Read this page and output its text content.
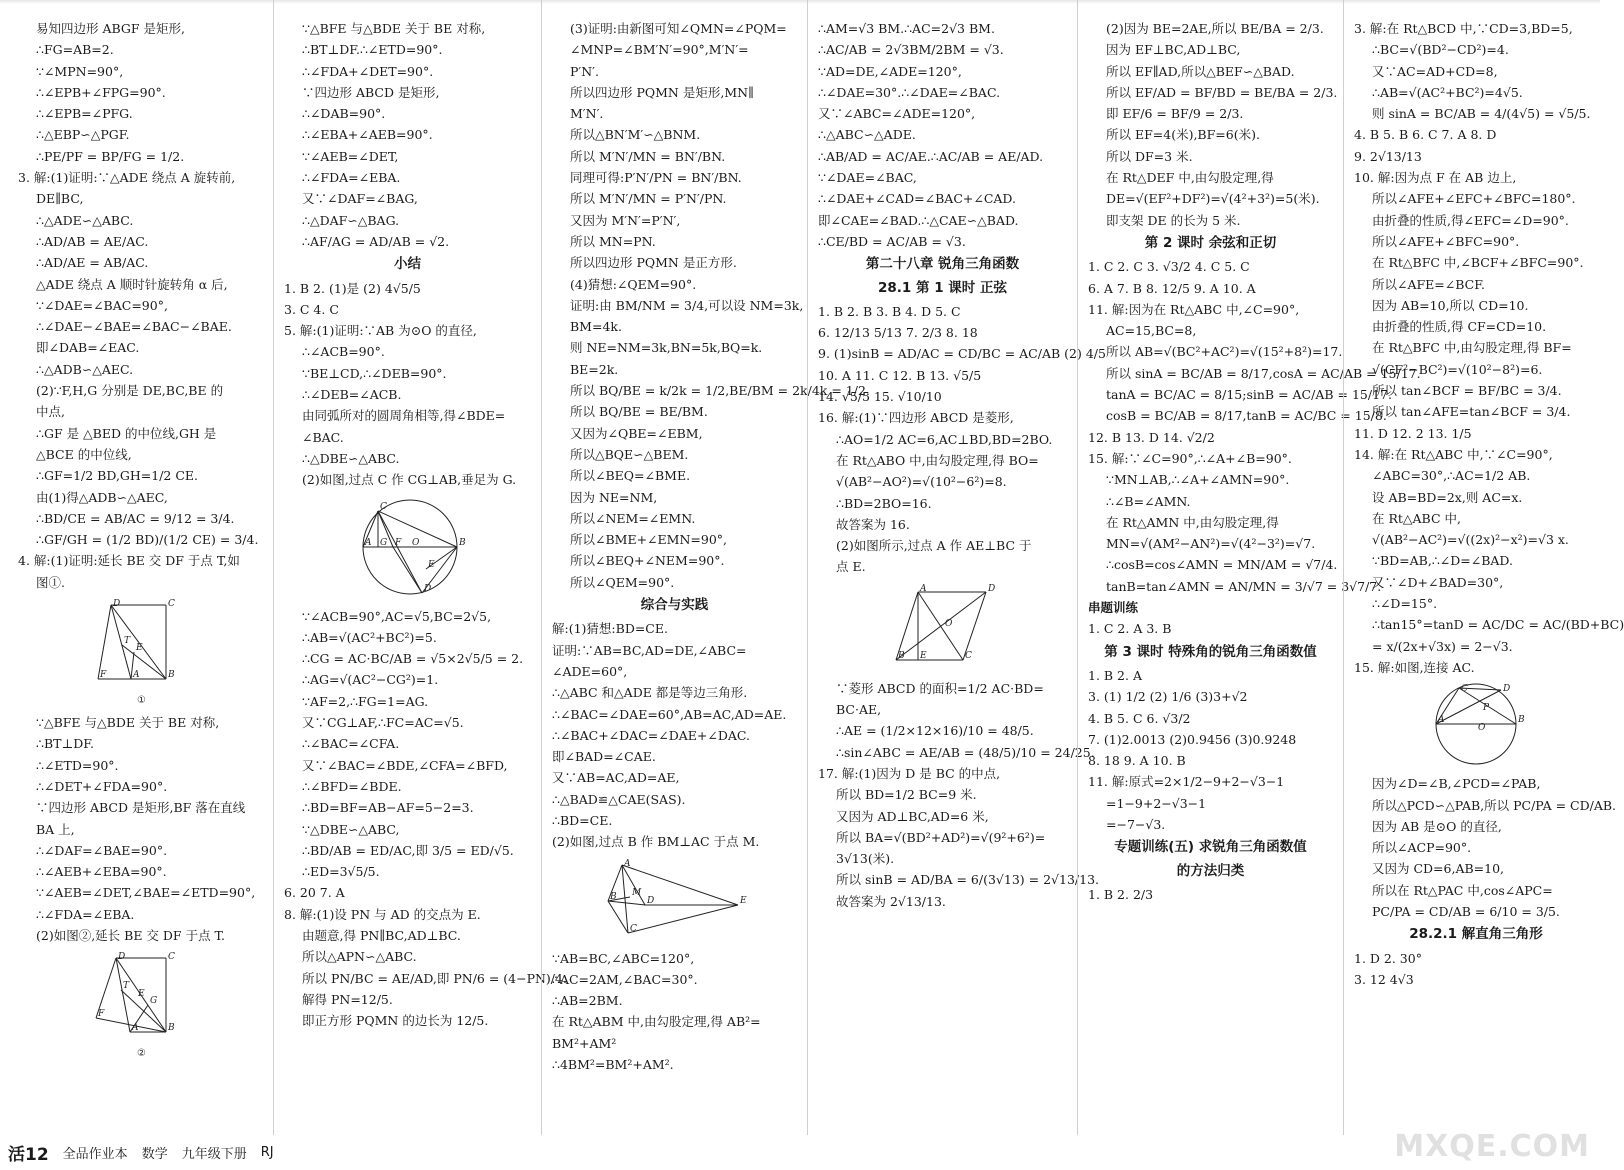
易知四边形 ABGF 是矩形,
∴FG=AB=2.
∵∠MPN=90°,
∴∠EPB+∠FPG=90°.
∴∠EPB=∠PFG.
∴△EBP∽△PGF.
∴PE/PF = BP/FG = 1/2.
3. 解:(1)证明:∵△ADE 绕点 A 旋转前,
DE∥BC,
∴△ADE∽△ABC.
∴AD/AB = AE/AC.
∴AD/AE = AB/AC.
△ADE 绕点 A 顺时针旋转角 α 后,
∵∠DAE=∠BAC=90°,
∴∠DAE−∠BAE=∠BAC−∠BAE.
即∠DAB=∠EAC.
∴△ADB∽△AEC.
(2)∵F,H,G 分别是 DE,BC,BE 的
中点,
∴GF 是 △BED 的中位线,GH 是
△BCE 的中位线,
∴GF=1/2 BD,GH=1/2 CE.
由(1)得△ADB∽△AEC,
∴BD/CE = AB/AC = 9/12 = 3/4.
∴GF/GH = (1/2 BD)/(1/2 CE) = 3/4.
4. 解:(1)证明:延长 BE 交 DF 于点 T,如
图①.
D	C
T
E
F	A	B
①
∵△BFE 与△BDE 关于 BE 对称,
∴BT⊥DF.
∴∠ETD=90°.
∴∠DET+∠FDA=90°.
∵四边形 ABCD 是矩形,BF 落在直线
BA 上,
∴∠DAF=∠BAE=90°.
∴∠AEB+∠EBA=90°.
∵∠AEB=∠DET,∠BAE=∠ETD=90°,
∴∠FDA=∠EBA.
(2)如图②,延长 BE 交 DF 于点 T.
D	C
T
E
G
F
A	B
②
∵△BFE 与△BDE 关于 BE 对称,
∴BT⊥DF.∴∠ETD=90°.
∴∠FDA+∠DET=90°.
∵四边形 ABCD 是矩形,
∴∠DAB=90°.
∴∠EBA+∠AEB=90°.
∵∠AEB=∠DET,
∴∠FDA=∠EBA.
又∵∠DAF=∠BAG,
∴△DAF∽△BAG.
∴AF/AG = AD/AB = √2.
小结
1. B 2. (1)是 (2) 4√5/5
3. C 4. C
5. 解:(1)证明:∵AB 为⊙O 的直径,
∴∠ACB=90°.
∵BE⊥CD,∴∠DEB=90°.
∴∠DEB=∠ACB.
由同弧所对的圆周角相等,得∠BDE=
∠BAC.
∴△DBE∽△ABC.
(2)如图,过点 C 作 CG⊥AB,垂足为 G.
C
A G F O	B
E
D
∵∠ACB=90°,AC=√5,BC=2√5,
∴AB=√(AC²+BC²)=5.
∴CG = AC·BC/AB = √5×2√5/5 = 2.
∴AG=√(AC²−CG²)=1.
∵AF=2,∴FG=1=AG.
又∵CG⊥AF,∴FC=AC=√5.
∴∠BAC=∠CFA.
又∵∠BAC=∠BDE,∠CFA=∠BFD,
∴∠BFD=∠BDE.
∴BD=BF=AB−AF=5−2=3.
∵△DBE∽△ABC,
∴BD/AB = ED/AC,即 3/5 = ED/√5.
∴ED=3√5/5.
6. 20 7. A
8. 解:(1)设 PN 与 AD 的交点为 E.
由题意,得 PN∥BC,AD⊥BC.
所以△APN∽△ABC.
所以 PN/BC = AE/AD,即 PN/6 = (4−PN)/4.
解得 PN=12/5.
即正方形 PQMN 的边长为 12/5.
(3)证明:由新图可知∠QMN=∠PQM=
∠MNP=∠BM′N′=90°,M′N′=
P′N′.
所以四边形 PQMN 是矩形,MN∥
M′N′.
所以△BN′M′∽△BNM.
所以 M′N′/MN = BN′/BN.
同理可得:P′N′/PN = BN′/BN.
所以 M′N′/MN = P′N′/PN.
又因为 M′N′=P′N′,
所以 MN=PN.
所以四边形 PQMN 是正方形.
(4)猜想:∠QEM=90°.
证明:由 BM/NM = 3/4,可以设 NM=3k,
BM=4k.
则 NE=NM=3k,BN=5k,BQ=k.
BE=2k.
所以 BQ/BE = k/2k = 1/2,BE/BM = 2k/4k = 1/2.
所以 BQ/BE = BE/BM.
又因为∠QBE=∠EBM,
所以△BQE∽△BEM.
所以∠BEQ=∠BME.
因为 NE=NM,
所以∠NEM=∠EMN.
所以∠BME+∠EMN=90°,
所以∠BEQ+∠NEM=90°.
所以∠QEM=90°.
综合与实践
解:(1)猜想:BD=CE.
证明:∵AB=BC,AD=DE,∠ABC=
∠ADE=60°,
∴△ABC 和△ADE 都是等边三角形.
∴∠BAC=∠DAE=60°,AB=AC,AD=AE.
∴∠BAC+∠DAC=∠DAE+∠DAC.
即∠BAD=∠CAE.
又∵AB=AC,AD=AE,
∴△BAD≌△CAE(SAS).
∴BD=CE.
(2)如图,过点 B 作 BM⊥AC 于点 M.
A
B M
D
C
E
∵AB=BC,∠ABC=120°,
∴AC=2AM,∠BAC=30°.
∴AB=2BM.
在 Rt△ABM 中,由勾股定理,得 AB²=
BM²+AM²
∴4BM²=BM²+AM².
∴AM=√3 BM.∴AC=2√3 BM.
∴AC/AB = 2√3BM/2BM = √3.
∵AD=DE,∠ADE=120°,
∴∠DAE=30°.∴∠DAE=∠BAC.
又∵∠ABC=∠ADE=120°,
∴△ABC∽△ADE.
∴AB/AD = AC/AE.∴AC/AB = AE/AD.
∵∠DAE=∠BAC,
∴∠DAE+∠CAD=∠BAC+∠CAD.
即∠CAE=∠BAD.∴△CAE∽△BAD.
∴CE/BD = AC/AB = √3.
第二十八章 锐角三角函数
28.1 第 1 课时 正弦
1. B 2. B 3. B 4. D 5. C
6. 12/13 5/13 7. 2/3 8. 18
9. (1)sinB = AD/AC = CD/BC = AC/AB (2) 4/5
10. A 11. C 12. B 13. √5/5
14. √5/5 15. √10/10
16. 解:(1)∵四边形 ABCD 是菱形,
∴AO=1/2 AC=6,AC⊥BD,BD=2BO.
在 Rt△ABO 中,由勾股定理,得 BO=
√(AB²−AO²)=√(10²−6²)=8.
∴BD=2BO=16.
故答案为 16.
(2)如图所示,过点 A 作 AE⊥BC 于
点 E.
A	D
O
B E	C
∵菱形 ABCD 的面积=1/2 AC·BD=
BC·AE,
∴AE = (1/2×12×16)/10 = 48/5.
∴sin∠ABC = AE/AB = (48/5)/10 = 24/25.
17. 解:(1)因为 D 是 BC 的中点,
所以 BD=1/2 BC=9 米.
又因为 AD⊥BC,AD=6 米,
所以 BA=√(BD²+AD²)=√(9²+6²)=
3√13(米).
所以 sinB = AD/BA = 6/(3√13) = 2√13/13.
故答案为 2√13/13.
(2)因为 BE=2AE,所以 BE/BA = 2/3.
因为 EF⊥BC,AD⊥BC,
所以 EF∥AD,所以△BEF∽△BAD.
所以 EF/AD = BF/BD = BE/BA = 2/3.
即 EF/6 = BF/9 = 2/3.
所以 EF=4(米),BF=6(米).
所以 DF=3 米.
在 Rt△DEF 中,由勾股定理,得
DE=√(EF²+DF²)=√(4²+3²)=5(米).
即支架 DE 的长为 5 米.
第 2 课时 余弦和正切
1. C 2. C 3. √3/2 4. C 5. C
6. A 7. B 8. 12/5 9. A 10. A
11. 解:因为在 Rt△ABC 中,∠C=90°,
AC=15,BC=8,
所以 AB=√(BC²+AC²)=√(15²+8²)=17.
所以 sinA = BC/AB = 8/17,cosA = AC/AB = 15/17.
tanA = BC/AC = 8/15;sinB = AC/AB = 15/17.
cosB = BC/AB = 8/17,tanB = AC/BC = 15/8.
12. B 13. D 14. √2/2
15. 解:∵∠C=90°,∴∠A+∠B=90°.
∵MN⊥AB,∴∠A+∠AMN=90°.
∴∠B=∠AMN.
在 Rt△AMN 中,由勾股定理,得
MN=√(AM²−AN²)=√(4²−3²)=√7.
∴cosB=cos∠AMN = MN/AM = √7/4.
tanB=tan∠AMN = AN/MN = 3/√7 = 3√7/7.
串题训练
1. C 2. A 3. B
第 3 课时 特殊角的锐角三角函数值
1. B 2. A
3. (1) 1/2 (2) 1/6 (3)3+√2
4. B 5. C 6. √3/2
7. (1)2.0013 (2)0.9456 (3)0.9248
8. 18 9. A 10. B
11. 解:原式=2×1/2−9+2−√3−1
=1−9+2−√3−1
=−7−√3.
专题训练(五) 求锐角三角函数值
的方法归类
1. B 2. 2/3
3. 解:在 Rt△BCD 中,∵CD=3,BD=5,
∴BC=√(BD²−CD²)=4.
又∵AC=AD+CD=8,
∴AB=√(AC²+BC²)=4√5.
则 sinA = BC/AB = 4/(4√5) = √5/5.
4. B 5. B 6. C 7. A 8. D
9. 2√13/13
10. 解:因为点 F 在 AB 边上,
所以∠AFE+∠EFC+∠BFC=180°.
由折叠的性质,得∠EFC=∠D=90°.
所以∠AFE+∠BFC=90°.
在 Rt△BFC 中,∠BCF+∠BFC=90°.
所以∠AFE=∠BCF.
因为 AB=10,所以 CD=10.
由折叠的性质,得 CF=CD=10.
在 Rt△BFC 中,由勾股定理,得 BF=
√(CF²−BC²)=√(10²−8²)=6.
所以 tan∠BCF = BF/BC = 3/4.
所以 tan∠AFE=tan∠BCF = 3/4.
11. D 12. 2 13. 1/5
14. 解:在 Rt△ABC 中,∵∠C=90°,
∠ABC=30°,∴AC=1/2 AB.
设 AB=BD=2x,则 AC=x.
在 Rt△ABC 中,
√(AB²−AC²)=√((2x)²−x²)=√3 x.
∵BD=AB,∴∠D=∠BAD.
又∵∠D+∠BAD=30°,
∴∠D=15°.
∴tan15°=tanD = AC/DC = AC/(BD+BC)
= x/(2x+√3x) = 2−√3.
15. 解:如图,连接 AC.
C	D
A
P
O
B
因为∠D=∠B,∠PCD=∠PAB,
所以△PCD∽△PAB,所以 PC/PA = CD/AB.
因为 AB 是⊙O 的直径,
所以∠ACP=90°.
又因为 CD=6,AB=10,
所以在 Rt△PAC 中,cos∠APC=
PC/PA = CD/AB = 6/10 = 3/5.
28.2.1 解直角三角形
1. D 2. 30°
3. 12 4√3
活12 全品作业本 数学 九年级下册 RJ	MXQE.COM
